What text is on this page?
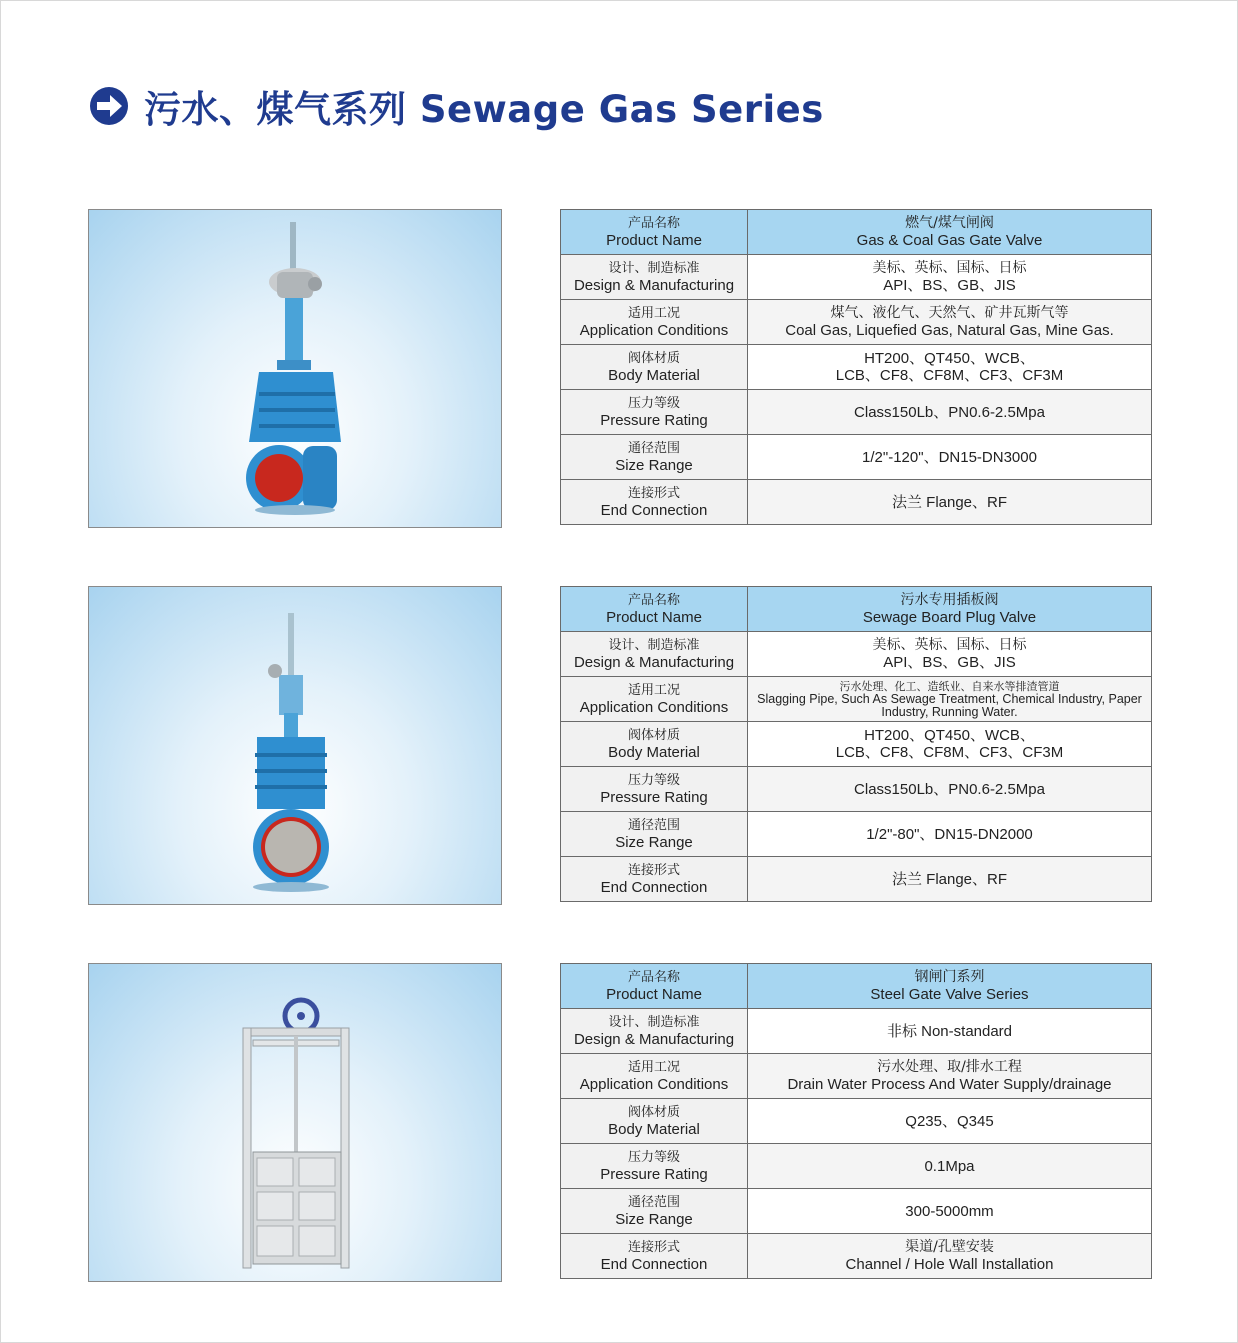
污水、煤气系列 Sewage Gas Series
产品名称
Product Name	燃气/煤气闸阀
Gas & Coal Gas Gate Valve

设计、制造标准
Design & Manufacturing	美标、英标、国标、日标
API、BS、GB、JIS

适用工况
Application Conditions	煤气、液化气、天然气、矿井瓦斯气等
Coal Gas, Liquefied Gas, Natural Gas, Mine Gas.

阀体材质
Body Material	HT200、QT450、WCB、
LCB、CF8、CF8M、CF3、CF3M

压力等级
Pressure Rating	Class150Lb、PN0.6-2.5Mpa

通径范围
Size Range	1/2"-120"、DN15-DN3000

连接形式
End Connection	法兰 Flange、RF
产品名称
Product Name	污水专用插板阀
Sewage Board Plug Valve

设计、制造标准
Design & Manufacturing	美标、英标、国标、日标
API、BS、GB、JIS

适用工况
Application Conditions	污水处理、化工、造纸业、自来水等排渣管道
Slagging Pipe, Such As Sewage Treatment, Chemical Industry, Paper Industry, Running Water.

阀体材质
Body Material	HT200、QT450、WCB、
LCB、CF8、CF8M、CF3、CF3M

压力等级
Pressure Rating	Class150Lb、PN0.6-2.5Mpa

通径范围
Size Range	1/2"-80"、DN15-DN2000

连接形式
End Connection	法兰 Flange、RF
产品名称
Product Name	钢闸门系列
Steel Gate Valve Series

设计、制造标准
Design & Manufacturing	非标 Non-standard

适用工况
Application Conditions	污水处理、取/排水工程
Drain Water Process And Water Supply/drainage

阀体材质
Body Material	Q235、Q345

压力等级
Pressure Rating	0.1Mpa

通径范围
Size Range	300-5000mm

连接形式
End Connection	渠道/孔壁安装
Channel / Hole Wall Installation
